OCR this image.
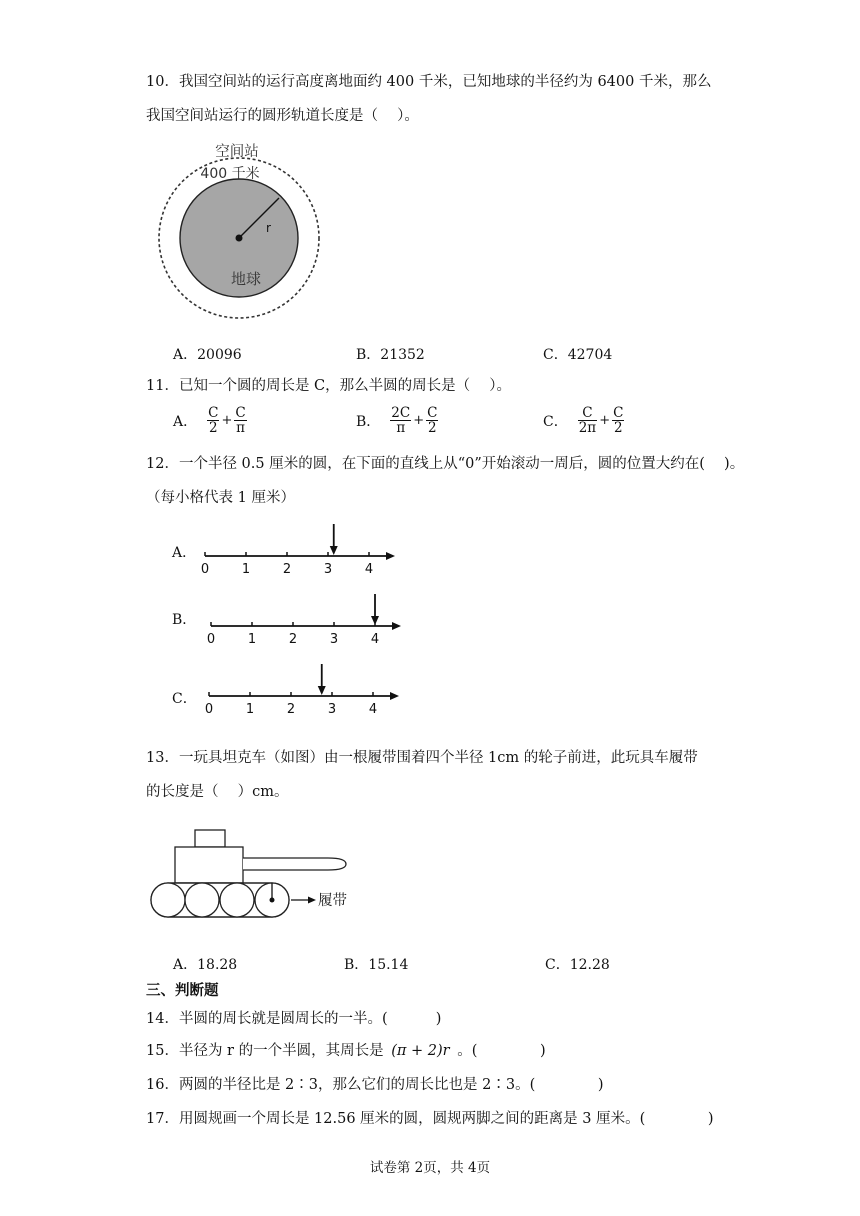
10．我国空间站的运行高度离地面约 400 千米，已知地球的半径约为 6400 千米，那么
我国空间站运行的圆形轨道长度是（　 ）。
空间站
400 千米
r
地球
A．20096	B．21352	C．42704
11．已知一个圆的周长是 C，那么半圆的周长是（　 ）。
A． $\frac{C}{2} + \frac{C}{\pi}$	B． $\frac{2C}{\pi} + \frac{C}{2}$	C． $\frac{C}{2\pi} + \frac{C}{2}$
12．一个半径 0.5 厘米的圆，在下面的直线上从“0”开始滚动一周后，圆的位置大约在(　 )。
（每小格代表 1 厘米）
A．
0	1	2	3	4
B．
0	1	2	3	4
C．
0	1	2	3	4
13．一玩具坦克车（如图）由一根履带围着四个半径 1cm 的轮子前进，此玩具车履带
的长度是（　 ）cm。
履带
A．18.28	B．15.14	C．12.28
三、判断题
14．半圆的周长就是圆周长的一半。(　　　 )
15．半径为 r 的一个半圆，其周长是 (π + 2)r 。(　　　　 )
16．两圆的半径比是 2∶3，那么它们的周长比也是 2∶3。(　　　　 )
17．用圆规画一个周长是 12.56 厘米的圆，圆规两脚之间的距离是 3 厘米。(　　　　 )
试卷第 2页，共 4页
